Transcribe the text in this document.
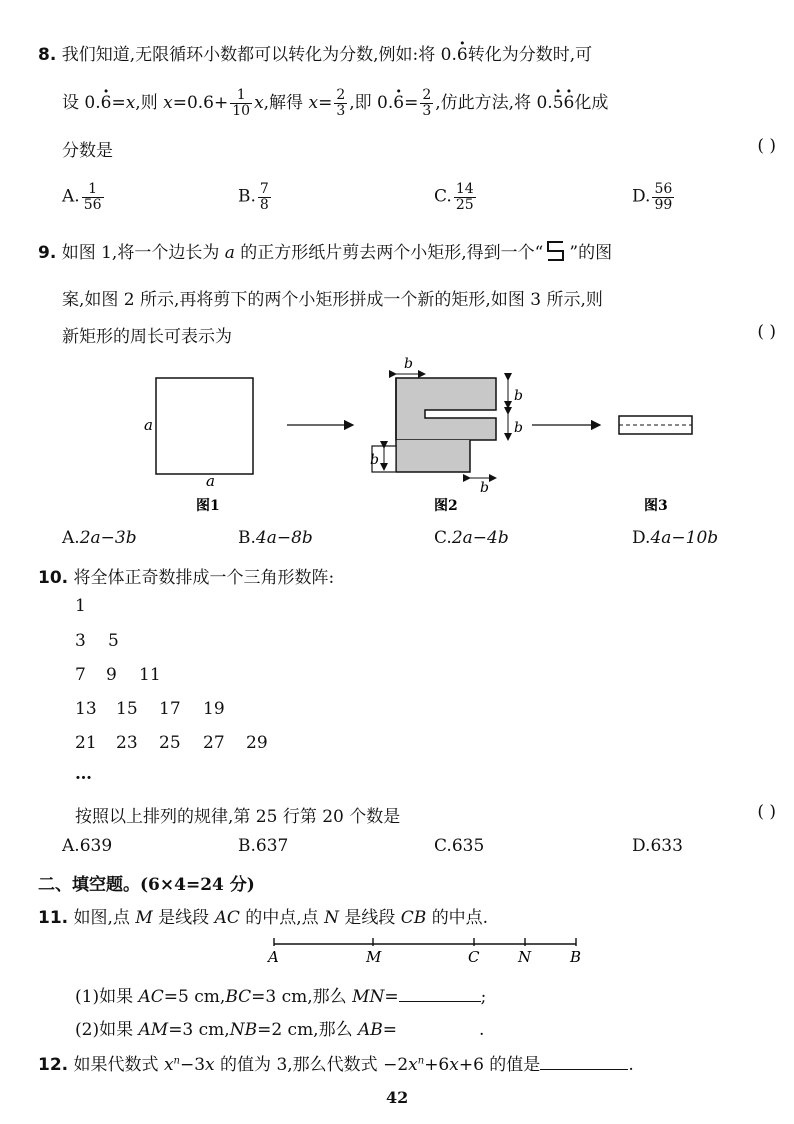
8. 我们知道,无限循环小数都可以转化为分数,例如:将 0.6 ·转化为分数时,可
设 0.6 ·=x,则 $x=0.6+ \frac{1}{10} x$,解得 $x= \frac{2}{3}$ ,即 $0.6 \cdot= \frac{2}{3}$ ,仿此方法,将 0.5 ·6 ·化成
分数是	( )
A. $\frac{1}{56}$	B. $\frac{7}{8}$	C. $\frac{14}{25}$	D. $\frac{56}{99}$
9. 如图 1,将一个边长为 a 的正方形纸片剪去两个小矩形,得到一个“ ”的图
案,如图 2 所示,再将剪下的两个小矩形拼成一个新的矩形,如图 3 所示,则
新矩形的周长可表示为	( )
a
a
b
b
b
b
b
图1	图2	图3
A.2a−3b	B.4a−8b	C.2a−4b	D.4a−10b
10. 将全体正奇数排成一个三角形数阵:
1
3 5
7 9 11
13 15 17 19
21 23 25 27 29
…
按照以上排列的规律,第 25 行第 20 个数是	( )
A.639	B.637	C.635	D.633
二、填空题。(6×4=24 分)
11. 如图,点 M 是线段 AC 的中点,点 N 是线段 CB 的中点.
A	M	C	N	B
(1)如果 AC=5 cm,BC=3 cm,那么 MN=	;
(2)如果 AM=3 cm,NB=2 cm,那么 AB=	.
12. 如果代数式 $x^n-3x$ 的值为 3,那么代数式 $-2x^n+6x+6$ 的值是	.
42
